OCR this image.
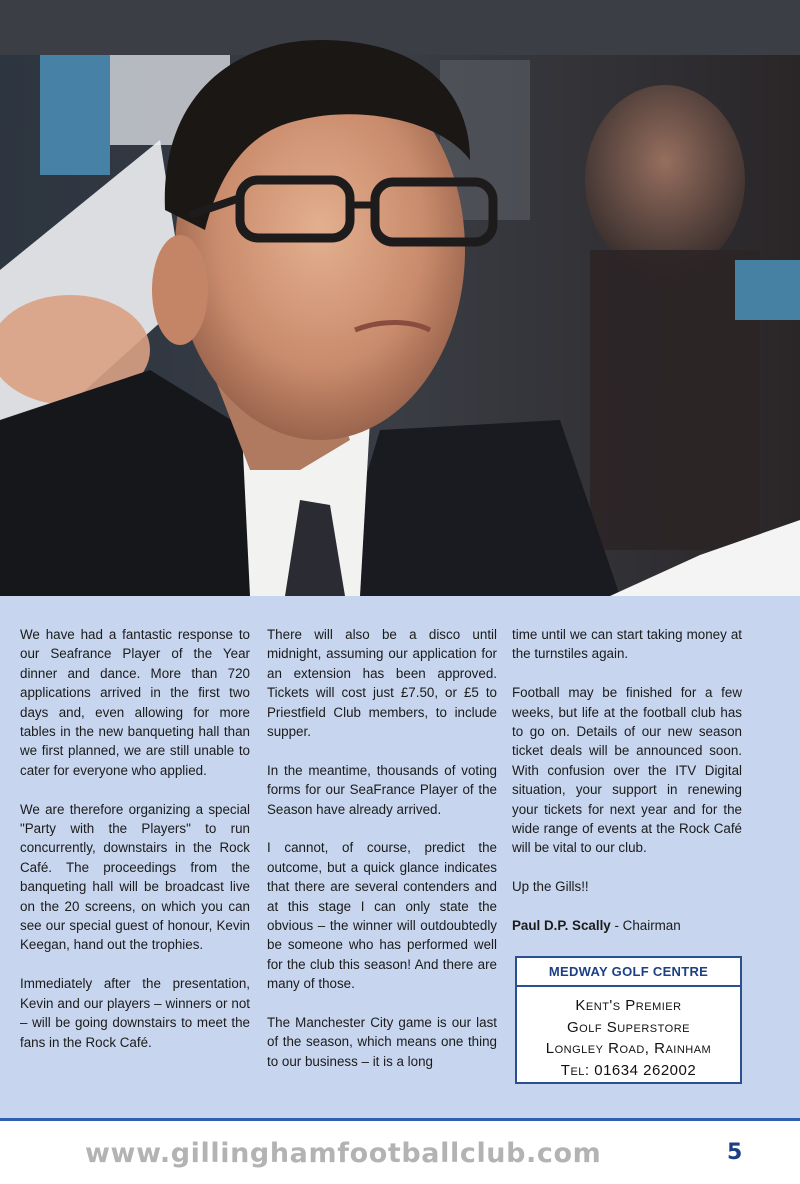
We have had a fantastic response to our Seafrance Player of the Year dinner and dance. More than 720 applications arrived in the first two days and, even allowing for more tables in the new banqueting hall than we first planned, we are still unable to cater for everyone who applied.

We are therefore organizing a special "Party with the Players" to run concurrently, downstairs in the Rock Café. The proceedings from the banqueting hall will be broadcast live on the 20 screens, on which you can see our special guest of honour, Kevin Keegan, hand out the trophies.

Immediately after the presentation, Kevin and our players – winners or not – will be going downstairs to meet the fans in the Rock Café.

There will also be a disco until midnight, assuming our application for an extension has been approved. Tickets will cost just £7.50, or £5 to Priestfield Club members, to include supper.

In the meantime, thousands of voting forms for our SeaFrance Player of the Season have already arrived.

I cannot, of course, predict the outcome, but a quick glance indicates that there are several contenders and at this stage I can only state the obvious – the winner will outdoubtedly be someone who has performed well for the club this season! And there are many of those.

The Manchester City game is our last of the season, which means one thing to our business – it is a long

time until we can start taking money at the turnstiles again.

Football may be finished for a few weeks, but life at the football club has to go on. Details of our new season ticket deals will be announced soon. With confusion over the ITV Digital situation, your support in renewing your tickets for next year and for the wide range of events at the Rock Café will be vital to our club.

Up the Gills!!

Paul D.P. Scally - Chairman

MEDWAY GOLF CENTRE
Kent's Premier
Golf Superstore
Longley Road, Rainham
Tel: 01634 262002
www.gillinghamfootballclub.com	5
